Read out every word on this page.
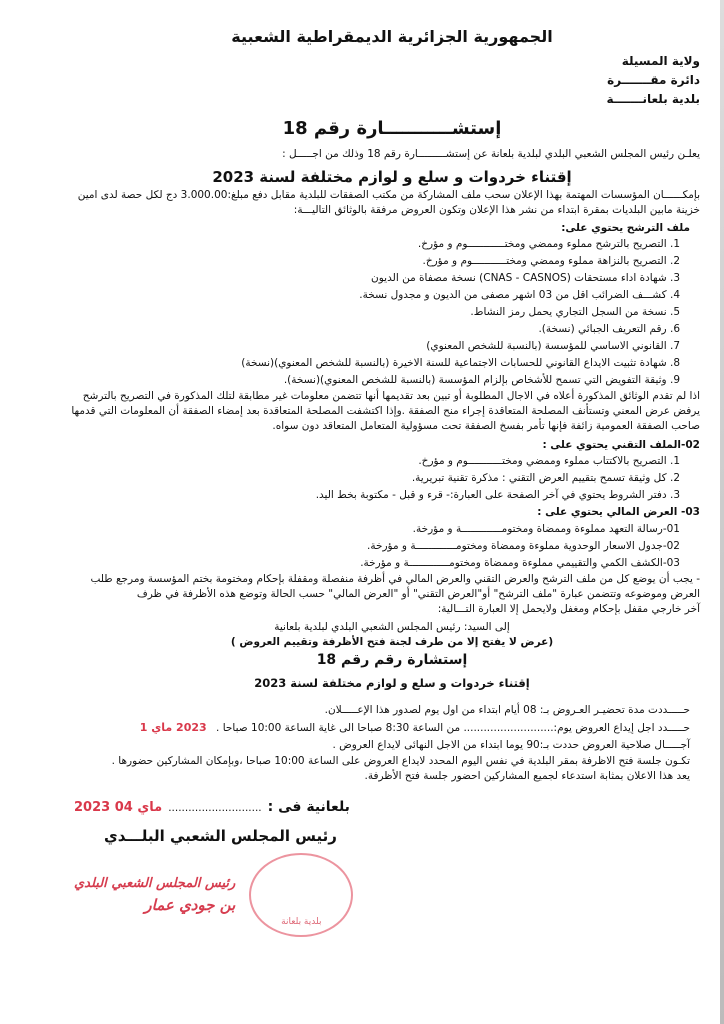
الجمهورية الجزائرية الديمقراطية الشعبية
ولاية المسيلة
دائرة مقـــــــرة
بلدية بلعانـــــــة
إستشـــــــــــارة رقم 18
يعلـن رئيس المجلس الشعبي البلدي لبلدية بلعانة عن إستشـــــــــارة رقم 18 وذلك من اجـــــل :
إقتناء خردوات و سلع و لوازم مختلفة لسنة 2023
بإمكــــــان المؤسسات المهتمة بهذا الإعلان سحب ملف المشاركة من مكتب الصفقات للبلدية مقابل دفع مبلغ:3.000.00 دج لكل حصة لدى امين
خزينة مابين البلديات بمقرة ابتداء من نشر هذا الإعلان وتكون العروض مرفقة بالوثائق التاليـــة:
ملف الترشح يحتوي على:
1. التصريح بالترشح مملوء وممضي ومختــــــــــــوم و مؤرخ.
2. التصريح بالنزاهة مملوء وممضي ومختـــــــــــوم و مؤرخ.
3. شهادة اداء مستحقات (CNAS - CASNOS) نسخة مصفاة من الديون
4. كشـــف الضرائب اقل من 03 اشهر مصفى من الديون و مجدول نسخة.
5. نسخة من السجل التجاري يحمل رمز النشاط.
6. رقم التعريف الجبائي (نسخة).
7. القانوني الاساسي للمؤسسة (بالنسبة للشخص المعنوي)
8. شهادة تثبيت الايداع القانوني للحسابات الاجتماعية للسنة الاخيرة (بالنسبة للشخص المعنوي)(نسخة)
9. وثيقة التفويض التي تسمح للأشخاص بإلزام المؤسسة (بالنسبة للشخص المعنوي)(نسخة).
اذا لم تقدم الوثائق المذكورة أعلاه في الاجال المطلوبة أو تبين بعد تقديمها أنها تتضمن معلومات غير مطابقة لتلك المذكورة في التصريح بالترشح
يرفض عرض المعني وتستأنف المصلحة المتعاقدة إجراء منح الصفقة .وإذا اكتشفت المصلحة المتعاقدة بعد إمضاء الصفقة أن المعلومات التي قدمها
صاحب الصفقة العمومية زائفة فإنها تأمر بفسخ الصفقة تحت مسؤولية المتعامل المتعاقد دون سواه.
02-الملف التقني يحتوي على :
1. التصريح بالاكتتاب مملوء وممضي ومختـــــــــــوم و مؤرخ.
2. كل وثيقة تسمح بتقييم العرض التقني : مذكرة تقنية تبريرية.
3. دفتر الشروط يحتوي في آخر الصفحة على العبارة:- قرء و قبل - مكتوبة بخط اليد.
03- العرض المالي يحتوي على :
01-رسالة التعهد مملوءة وممضاة ومختومـــــــــــــة و مؤرخة.
02-جدول الاسعار الوحدوية مملوءة وممضاة ومختومـــــــــــــة و مؤرخة.
03-الكشف الكمي والتقييمي مملوءة وممضاة ومختومـــــــــــــة و مؤرخة.
- يجب أن يوضع كل من ملف الترشح والعرض التقني والعرض المالي في أظرفة منفصلة ومقفلة بإحكام ومختومة بختم المؤسسة ومرجع طلب
العرض وموضوعه وتتضمن عبارة "ملف الترشح" أو"العرض التقني" أو "العرض المالي" حسب الحالة وتوضع هذه الأظرفة في ظرف
آخر خارجي مقفل بإحكام ومغفل ولايحمل إلا العبارة التـــالية:
إلى السيد: رئيس المجلس الشعبي البلدي لبلدية بلعانية
(عرض لا يفتح إلا من طرف لجنة فتح الأظرفة وتقييم العروض )
إستشارة رقم رقم 18
إقتناء خردوات و سلع و لوازم مختلفة لسنة 2023
حـــــددت مدة تحضيـر العـروض بـ: 08 أيام ابتداء من اول يوم لصدور هذا الإعـــــلان.
حـــــدد اجل إيداع العروض يوم:........................... من الساعة 8:30 صباحا الى غاية الساعة 10:00 صباحا . 2023 ماي 1
آجـــــال صلاحية العروض حددت بـ:90 يوما ابتداء من الاجل النهائى لايداع العروض .
تكـون جلسة فتح الاظرفة بمقر البلدية في نفس اليوم المحدد لايداع العروض على الساعة 10:00 صباحا ،وبإمكان المشاركين حضورها .
يعد هذا الاعلان بمثابة استدعاء لجميع المشاركين احضور جلسة فتح الأظرفة.
2023 ماي 04 ............................ بلعانية فى :
رئيس المجلس الشعبي البلـــدي
رئيس المجلس الشعبي البلدي
بن جودي عمار
بلدية بلعانة
